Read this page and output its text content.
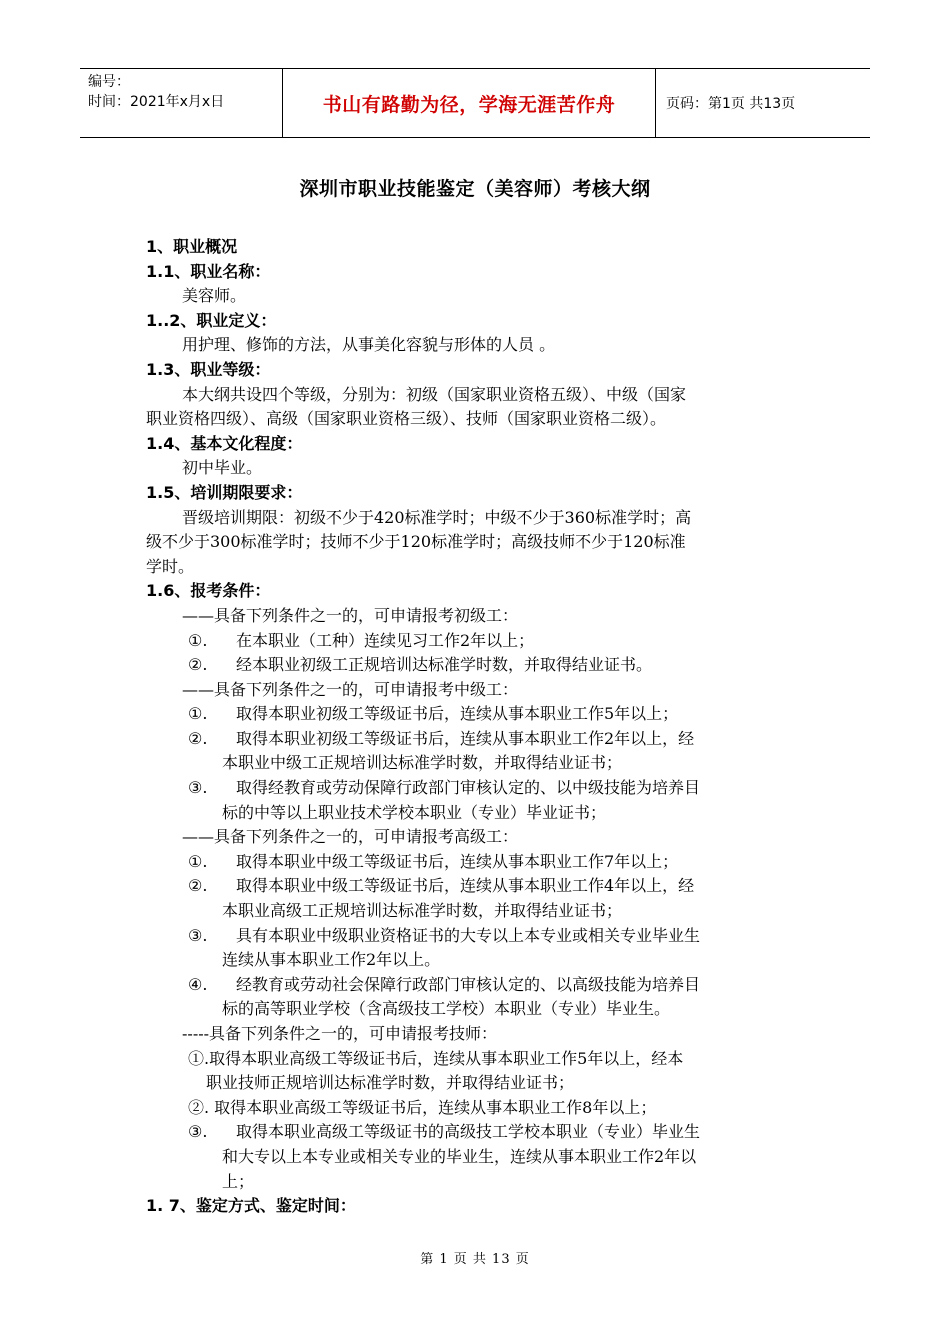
编号：
时间：2021年x月x日	书山有路勤为径，学海无涯苦作舟	页码：第1页 共13页
深圳市职业技能鉴定（美容师）考核大纲
1、职业概况
1.1、职业名称：
美容师。
1..2、职业定义：
用护理、修饰的方法，从事美化容貌与形体的人员 。
1.3、职业等级：
本大纲共设四个等级，分别为：初级（国家职业资格五级）、中级（国家
职业资格四级）、高级（国家职业资格三级）、技师（国家职业资格二级）。
1.4、基本文化程度：
初中毕业。
1.5、培训期限要求：
晋级培训期限：初级不少于420标准学时；中级不少于360标准学时；高
级不少于300标准学时；技师不少于120标准学时；高级技师不少于120标准
学时。
1.6、报考条件：
——具备下列条件之一的，可申请报考初级工：
①.	在本职业（工种）连续见习工作2年以上；
②.	经本职业初级工正规培训达标准学时数，并取得结业证书。
——具备下列条件之一的，可申请报考中级工：
①.	取得本职业初级工等级证书后，连续从事本职业工作5年以上；
②.	取得本职业初级工等级证书后，连续从事本职业工作2年以上，经
本职业中级工正规培训达标准学时数，并取得结业证书；
③.	取得经教育或劳动保障行政部门审核认定的、以中级技能为培养目
标的中等以上职业技术学校本职业（专业）毕业证书；
——具备下列条件之一的，可申请报考高级工：
①.	取得本职业中级工等级证书后，连续从事本职业工作7年以上；
②.	取得本职业中级工等级证书后，连续从事本职业工作4年以上，经
本职业高级工正规培训达标准学时数，并取得结业证书；
③.	具有本职业中级职业资格证书的大专以上本专业或相关专业毕业生
连续从事本职业工作2年以上。
④.	经教育或劳动社会保障行政部门审核认定的、以高级技能为培养目
标的高等职业学校（含高级技工学校）本职业（专业）毕业生。
-----具备下列条件之一的，可申请报考技师：
①.取得本职业高级工等级证书后，连续从事本职业工作5年以上，经本
职业技师正规培训达标准学时数，并取得结业证书；
②. 取得本职业高级工等级证书后，连续从事本职业工作8年以上；
③.	取得本职业高级工等级证书的高级技工学校本职业（专业）毕业生
和大专以上本专业或相关专业的毕业生，连续从事本职业工作2年以
上；
1. 7、鉴定方式、鉴定时间：
第 1 页 共 13 页
